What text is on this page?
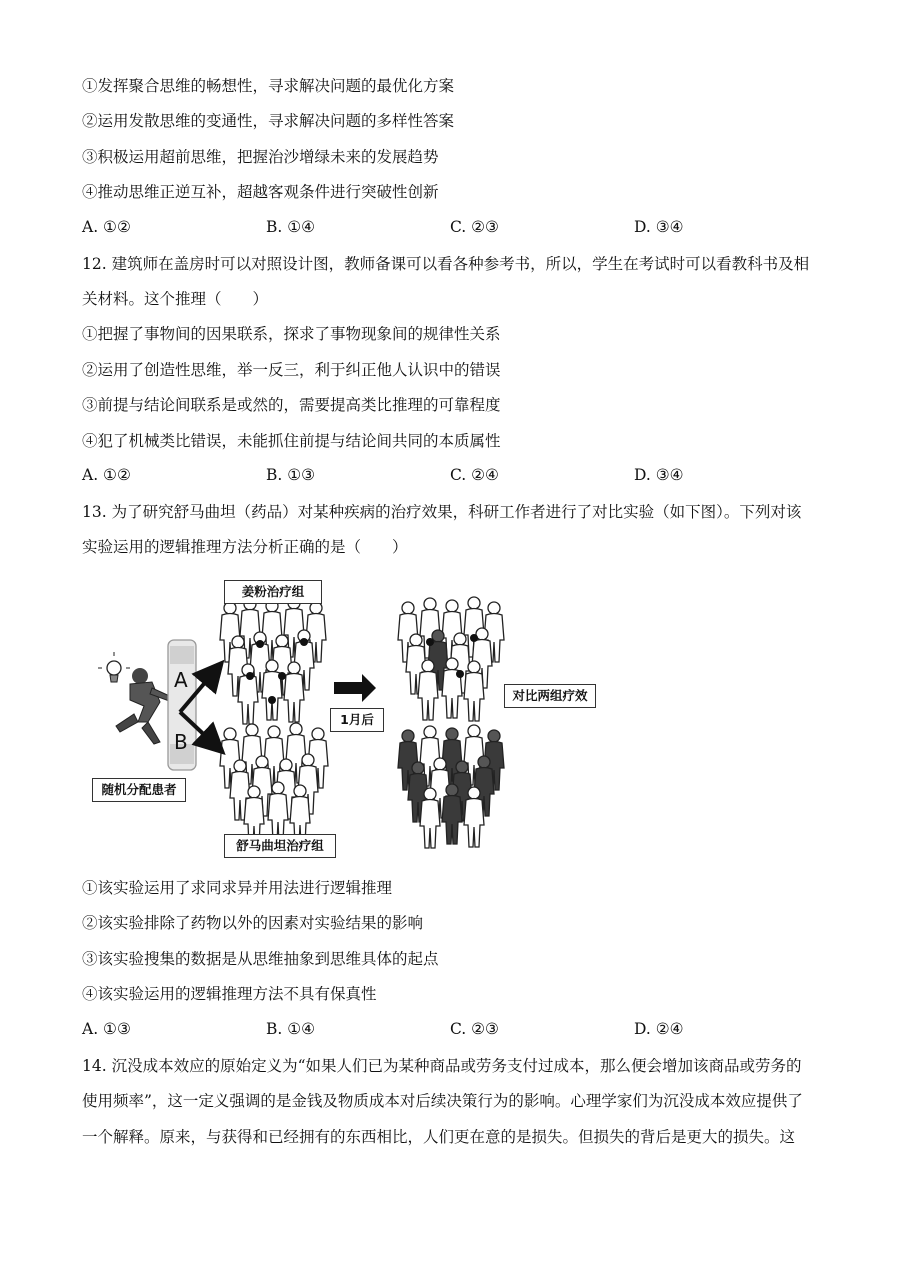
①发挥聚合思维的畅想性，寻求解决问题的最优化方案
②运用发散思维的变通性，寻求解决问题的多样性答案
③积极运用超前思维，把握治沙增绿未来的发展趋势
④推动思维正逆互补，超越客观条件进行突破性创新
A. ①②	B. ①④	C. ②③	D. ③④
12. 建筑师在盖房时可以对照设计图，教师备课可以看各种参考书，所以，学生在考试时可以看教科书及相
关材料。这个推理（　　）
①把握了事物间的因果联系，探求了事物现象间的规律性关系
②运用了创造性思维，举一反三，利于纠正他人认识中的错误
③前提与结论间联系是或然的，需要提高类比推理的可靠程度
④犯了机械类比错误，未能抓住前提与结论间共同的本质属性
A. ①②	B. ①③	C. ②④	D. ③④
13. 为了研究舒马曲坦（药品）对某种疾病的治疗效果，科研工作者进行了对比实验（如下图）。下列对该
实验运用的逻辑推理方法分析正确的是（　　）
A
B
姜粉治疗组
舒马曲坦治疗组
随机分配患者
1月后
对比两组疗效
①该实验运用了求同求异并用法进行逻辑推理
②该实验排除了药物以外的因素对实验结果的影响
③该实验搜集的数据是从思维抽象到思维具体的起点
④该实验运用的逻辑推理方法不具有保真性
A. ①③	B. ①④	C. ②③	D. ②④
14. 沉没成本效应的原始定义为“如果人们已为某种商品或劳务支付过成本，那么便会增加该商品或劳务的
使用频率”，这一定义强调的是金钱及物质成本对后续决策行为的影响。心理学家们为沉没成本效应提供了
一个解释。原来，与获得和已经拥有的东西相比，人们更在意的是损失。但损失的背后是更大的损失。这
